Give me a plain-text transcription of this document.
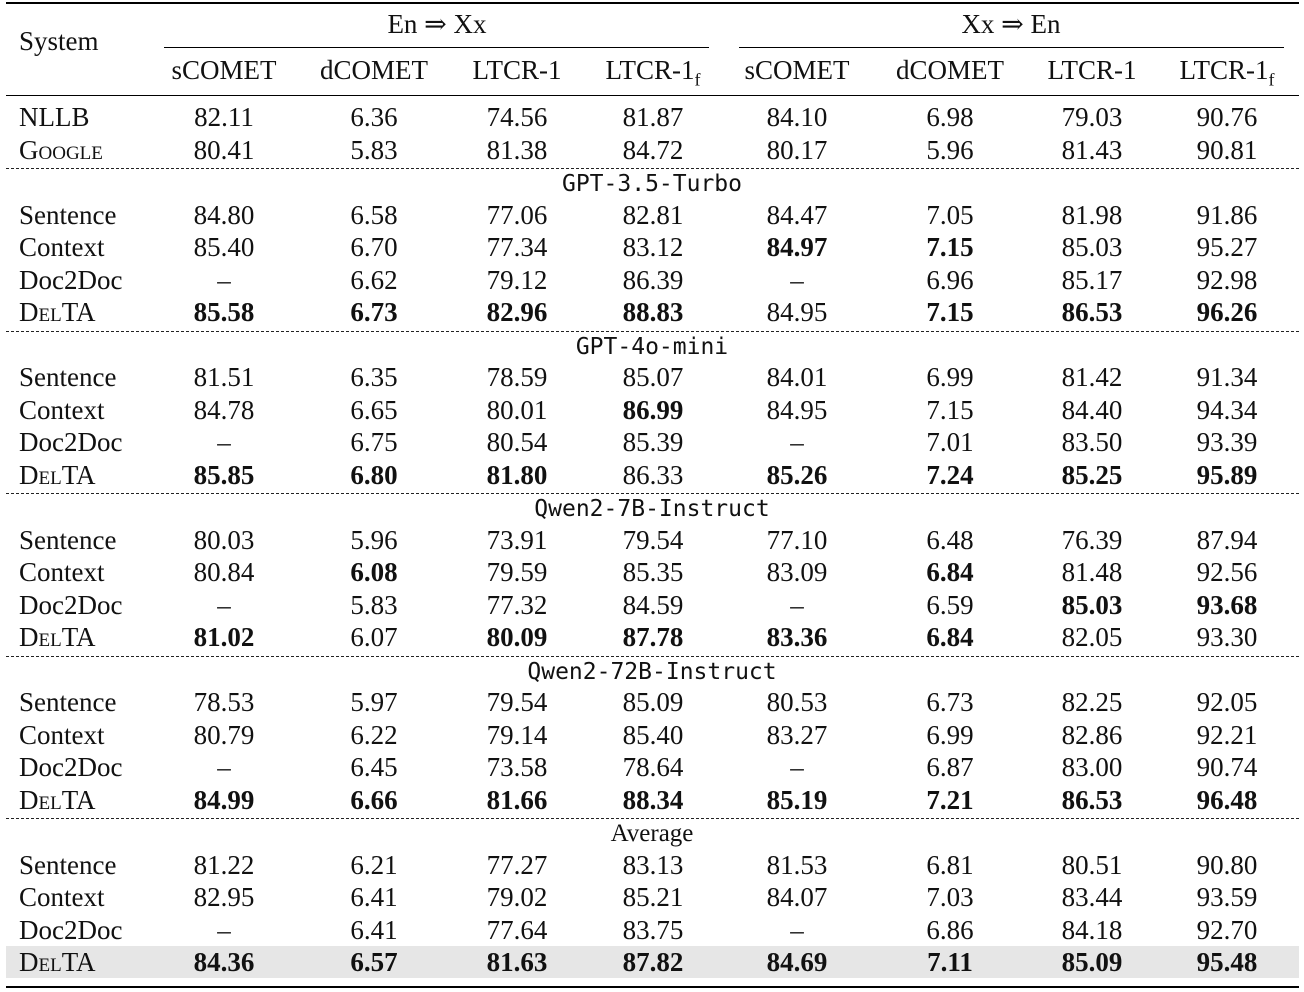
System
En ⇒ Xx	Xx ⇒ En
sCOMET dCOMET LTCR-1 LTCR-$1_f$ sCOMET dCOMET LTCR-1 LTCR-$1_f$
NLLB	82.11	6.36	74.56	81.87	84.10	6.98	79.03	90.76
Google	80.41	5.83	81.38	84.72	80.17	5.96	81.43	90.81
GPT-3.5-Turbo
Sentence	84.80	6.58	77.06	82.81	84.47	7.05	81.98	91.86
Context	85.40	6.70	77.34	83.12	84.97	7.15	85.03	95.27
Doc2Doc	–	6.62	79.12	86.39	–	6.96	85.17	92.98
DelTA	85.58	6.73	82.96	88.83	84.95	7.15	86.53	96.26
GPT-4o-mini
Sentence	81.51	6.35	78.59	85.07	84.01	6.99	81.42	91.34
Context	84.78	6.65	80.01	86.99	84.95	7.15	84.40	94.34
Doc2Doc	–	6.75	80.54	85.39	–	7.01	83.50	93.39
DelTA	85.85	6.80	81.80	86.33	85.26	7.24	85.25	95.89
Qwen2-7B-Instruct
Sentence	80.03	5.96	73.91	79.54	77.10	6.48	76.39	87.94
Context	80.84	6.08	79.59	85.35	83.09	6.84	81.48	92.56
Doc2Doc	–	5.83	77.32	84.59	–	6.59	85.03	93.68
DelTA	81.02	6.07	80.09	87.78	83.36	6.84	82.05	93.30
Qwen2-72B-Instruct
Sentence	78.53	5.97	79.54	85.09	80.53	6.73	82.25	92.05
Context	80.79	6.22	79.14	85.40	83.27	6.99	82.86	92.21
Doc2Doc	–	6.45	73.58	78.64	–	6.87	83.00	90.74
DelTA	84.99	6.66	81.66	88.34	85.19	7.21	86.53	96.48
Average
Sentence	81.22	6.21	77.27	83.13	81.53	6.81	80.51	90.80
Context	82.95	6.41	79.02	85.21	84.07	7.03	83.44	93.59
Doc2Doc	–	6.41	77.64	83.75	–	6.86	84.18	92.70
DelTA	84.36	6.57	81.63	87.82	84.69	7.11	85.09	95.48
